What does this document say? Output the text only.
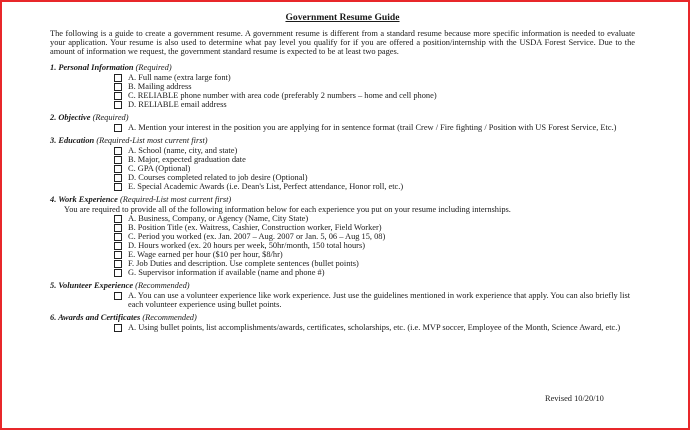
Government Resume Guide
The following is a guide to create a government resume. A government resume is different from a standard resume because more specific information is needed to evaluate your application. Your resume is also used to determine what pay level you qualify for if you are offered a position/internship with the USDA Forest Service. Due to the amount of information we request, the government standard resume is expected to be at least two pages.
1. Personal Information (Required)
A. Full name (extra large font)
B. Mailing address
C. RELIABLE phone number with area code (preferably 2 numbers – home and cell phone)
D. RELIABLE email address
2. Objective (Required)
A. Mention your interest in the position you are applying for in sentence format (trail Crew / Fire fighting / Position with US Forest Service, Etc.)
3. Education (Required-List most current first)
A. School (name, city, and state)
B. Major, expected graduation date
C. GPA (Optional)
D. Courses completed related to job desire (Optional)
E. Special Academic Awards (i.e. Dean's List, Perfect attendance, Honor roll, etc.)
4. Work Experience (Required-List most current first)
You are required to provide all of the following information below for each experience you put on your resume including internships.
A. Business, Company, or Agency (Name, City State)
B. Position Title (ex. Waitress, Cashier, Construction worker, Field Worker)
C. Period you worked (ex. Jan. 2007 – Aug. 2007 or Jan. 5, 06 – Aug 15, 08)
D. Hours worked (ex. 20 hours per week, 50hr/month, 150 total hours)
E. Wage earned per hour ($10 per hour, $8/hr)
F. Job Duties and description. Use complete sentences (bullet points)
G. Supervisor information if available (name and phone #)
5. Volunteer Experience (Recommended)
A. You can use a volunteer experience like work experience. Just use the guidelines mentioned in work experience that apply. You can also briefly list each volunteer experience using bullet points.
6. Awards and Certificates (Recommended)
A. Using bullet points, list accomplishments/awards, certificates, scholarships, etc. (i.e. MVP soccer, Employee of the Month, Science Award, etc.)
Revised 10/20/10
